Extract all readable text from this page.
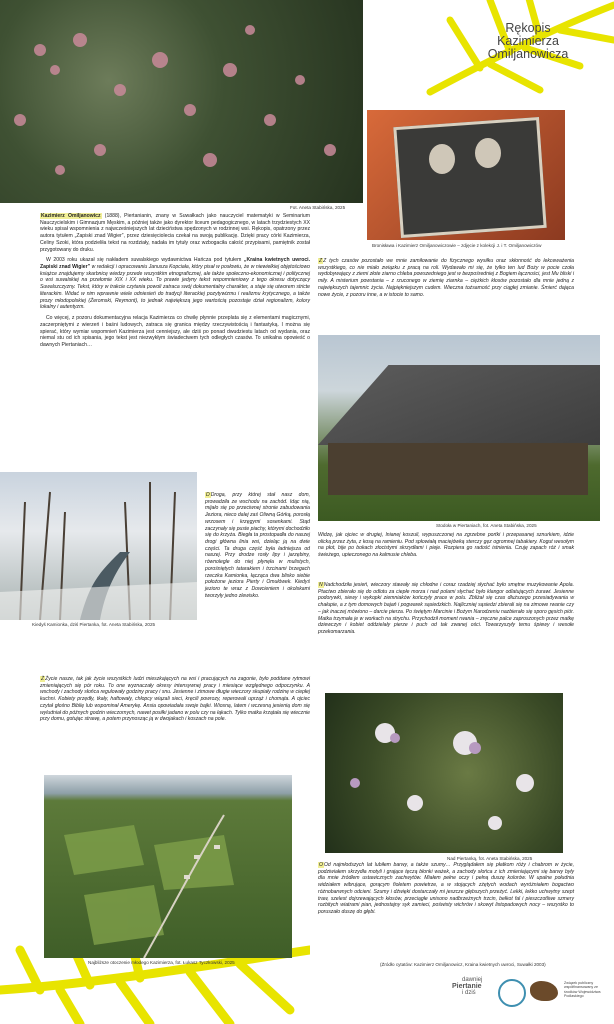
Rękopis
Kazimierza
Omiljanowicza
Fot. Aneta Stabińska, 2025
Bronisława i Kazimierz Omiljanowiczowie – zdjęcie z kolekcji J. i T. Omiljanowiczów

Kazimierz Omiljanowicz (1888), Piertanianin, znany w Suwałkach jako nauczyciel matematyki w Seminarium Nauczycielskim i Gimnazjum Męskim, a później także jako dyrektor liceum pedagogicznego, w latach trzydziestych XX wieku spisał wspomnienia z najwcześniejszych lat dzieciństwa spędzonych w rodzinnej wsi. Rękopis, opatrzony przez autora tytułem „Zapiski znad Wigier”, przez dziesięciolecia czekał na swoją publikację. Dzięki pracy córki Kazimierza, Celiny Szoki, która podzieliła tekst na rozdziały, nadała im tytuły oraz wzbogaciła całość przypisami, pamiętnik został przygotowany do druku.

W 2003 roku ukazał się nakładem suwalskiego wydawnictwa Hańcza pod tytułem „Kraina kwietnych uwroci. Zapiski znad Wigier” w redakcji i opracowaniu Janusza Kopciała, który pisał w posłowiu, że w niewielkiej objętościowo książce znajdujemy skarbnicę wiedzy przede wszystkim etnograficznej, ale także społeczno-ekonomicznej i politycznej o wsi suwalskiej na przełomie XIX i XX wieku. To prawie jedyny tekst wspomnieniowy z tego okresu dotyczący Suwalszczyzny. Tekst, który w trakcie czytania powoli zatraca swój dokumentalny charakter, a staje się utworem stricte literackim. Widać w nim wprawnie wiele odniesień do tradycji literackiej pozytywizmu i realizmu krytycznego, a także prozy młodopolskiej (Żeromski, Reymont), to jednak największą jego wartością pozostaje dział regionalizm, kolory lokalny i autentyzm.

Co więcej, z pozoru dokumentacyjna relacja Kazimierza co chwilę płynnie przeplata się z elementami magicznymi, zaczerpniętymi z wierzeń i baśni ludowych, zatraca się granica między rzeczywistością i fantastyką. I można się spierać, który wymiar wspomnień Kazimierza jest cenniejszy, ale dziś po ponad dwudziestu latach od wydania, oraz niemal stu od ich spisania, jego tekst jest niezwykłym świadectwem tych odległych czasów. To unikalna opowieść o dawnych Piertaniach…

ZZ tych czasów pozostało we mnie zamiłowanie do fizycznego wysiłku oraz skłonność do lekceważenia wszystkiego, co nie miało związku z pracą na roli. Wydawało mi się, że tylko ten lud Boży w pocie czoła wydobywający z ziemi złote ziarno chleba powszedniego jest w bezpośredniej z Bogiem łączności, jest Mu bliski i miły. A misterium powstania – z rzuconego w ziemię ziarnka – ciężkich kłosów pozostało dla mnie jedną z największych tajemnic życia. Najpiękniejszym cudem. Wieczna tożsamość przy ciągłej zmianie. Śmierć dająca nowe życie, z pozoru inne, a w istocie to samo.
Stodoła w Piertaniach, fot. Aneta Stabińska, 2025
Kiedyś Kamionka, dziś Piertanka, fot. Aneta Stabińska, 2025
DDroga, przy której stał nasz dom, prowadziła ze wschodu na zachód. Idąc nią, mijało się po przeciwnej stronie zabudowania Jeziora, nieco dalej zaś Oliwną Górką, porosłą wrzosem i krzęgymi sosenkami. Stąd zaczynały się puste piachy, którymi dochodziło się do krzyża. Biegła ta prostopadła do naszej drogi główna linia wsi, dzieląc ją na dwie części. Ta druga część była ładniejsza od naszej. Przy drodze rosły lipy i jarzębiny, równolegle do niej płynęła w mulistych, porośniętych tatarakiem i trzcinami brzegach rzeczka Kamionka, łącząca dwa blisko siebie położone jeziora Pierty i Omułówek. Kiedyś jezioro te wraz z Dowcieniem i okolskami tworzyły jedno zlewisko.
Widzę, jak ojciec w drugiej, lnianej koszuli, wypuszczonej na zgrzebne portki i przepasanej sznurkiem, idzie olicką przez żyta, z kosą na ramieniu. Pod spłowiałą maciejówką sterczy gęz ogromnej tabakiery. Kogut wesołym na płot, bije po bokach złocistymi skrzydłami i pieje. Rozpiera go radość istnienia. Czuję zapach róż i smak świeżego, upieczonego na kalmusie chleba.
NNadchodziła jesień, wieczory stawały się chłodne i coraz rzadziej słychać było smętne muzykowanie Apola. Ptactwo zbierało się do odlotu za ciepłe morza i nad polami słychać było klangor odlatujących żurawi. Jesienne podorywki, siewy i wykopki ziemniaków kończyły prace w polu. Zbliżał się czas dłuższego przesiadywania w chałupie, a z tym domowych bajań i pogwarek sąsiedzkich. Najliczniej sąsiedzi zbierali się na zimowe rwanie czy – jak inaczej mówiono – darcie pierza. Po świętym Marcinie i Bożym Narodzeniu nazbierało się sporo gęsich piór. Matka trzymała je w workach na strychu. Przychodził moment rwania – zręczne palce zaproszonych przez matkę dziewczyn i kobiet oddzielały pierze i puch od tak zwanej ości. Towarzyszyły temu śpiewy i wesołe przekomarzania.
ŻŻycie nasze, tak jak życie wszystkich ludzi mieszkających na wsi i pracujących na zagonie, było poddane rytmowi zmieniających się pór roku. To one wyznaczały okresy intensywnej pracy i miesiące względnego odpoczynku. A wschody i zachody słońca regulowały godziny pracy i snu. Jesienne i zimowe długie wieczory skupiały rodzinę w ciepłej kuchni. Kobiety przędły, tkały, haftowały, chłopcy wiązali sieci, kręcili powrozy, reperowali uprząż i chomąta. A ojciec czytał głośno Biblię lub wspominał Amerykę. Ansia opowiadała swoje bajki. Wiosną, latem i wczesną jesienią dom się wyludniał do późnych godzin wieczornych, nawet posiłki jadano w polu czy na łąkach. Tylko matka krzątała się wiecznie przy domu, gotując strawę, a potem przynosząc ją w dwojakach i koszach na pole.
Nad Piertanką, fot. Aneta Stabińska, 2025
Najbliższe otoczenie młodego Kazimierza, fot. Łukasz Tyczkowski, 2025
OOd najmłodszych lat lubiłem barwy, a także szumy… Przyglądałem się płatkom róży i chabrom w życie, podziwiałem skrzydła motyli i grające tęczą błonki ważek, a zachody słońca z ich zmieniającymi się barwy były dla mnie źródłem ustawicznych zachwytów. Miałem pełne oczy i pełną duszę kolorów. W upalne południa widziałem wibrujące, gorącym fioletem powietrze, a w stojących zżętych wodach wyróżniałem bogactwo różnobarwnych odcieni. Szumy i dźwięki dostarczały mi jeszcze głębszych przeżyć. Lekki, lekko uchwytny szept traw, szelest dojrzewających kłosów, przeciągłe unisono nadbrzeżnych trzcin, bełkot fal i pieszczotliwe szmery rozbitych wiatrami pian, jednostajny syk zamieci, poświsty wichrów i skowyt listopadowych nocy – wszystko to poruszało duszę do głębi.
(Źródło cytatów: Kazimierz Omiljanowicz, Kraina kwietnych uwroci, Suwałki 2003)
dawniej
Piertanie
i dziś
Związek publiczny współfinansowany ze środków Województwa Podlaskiego
